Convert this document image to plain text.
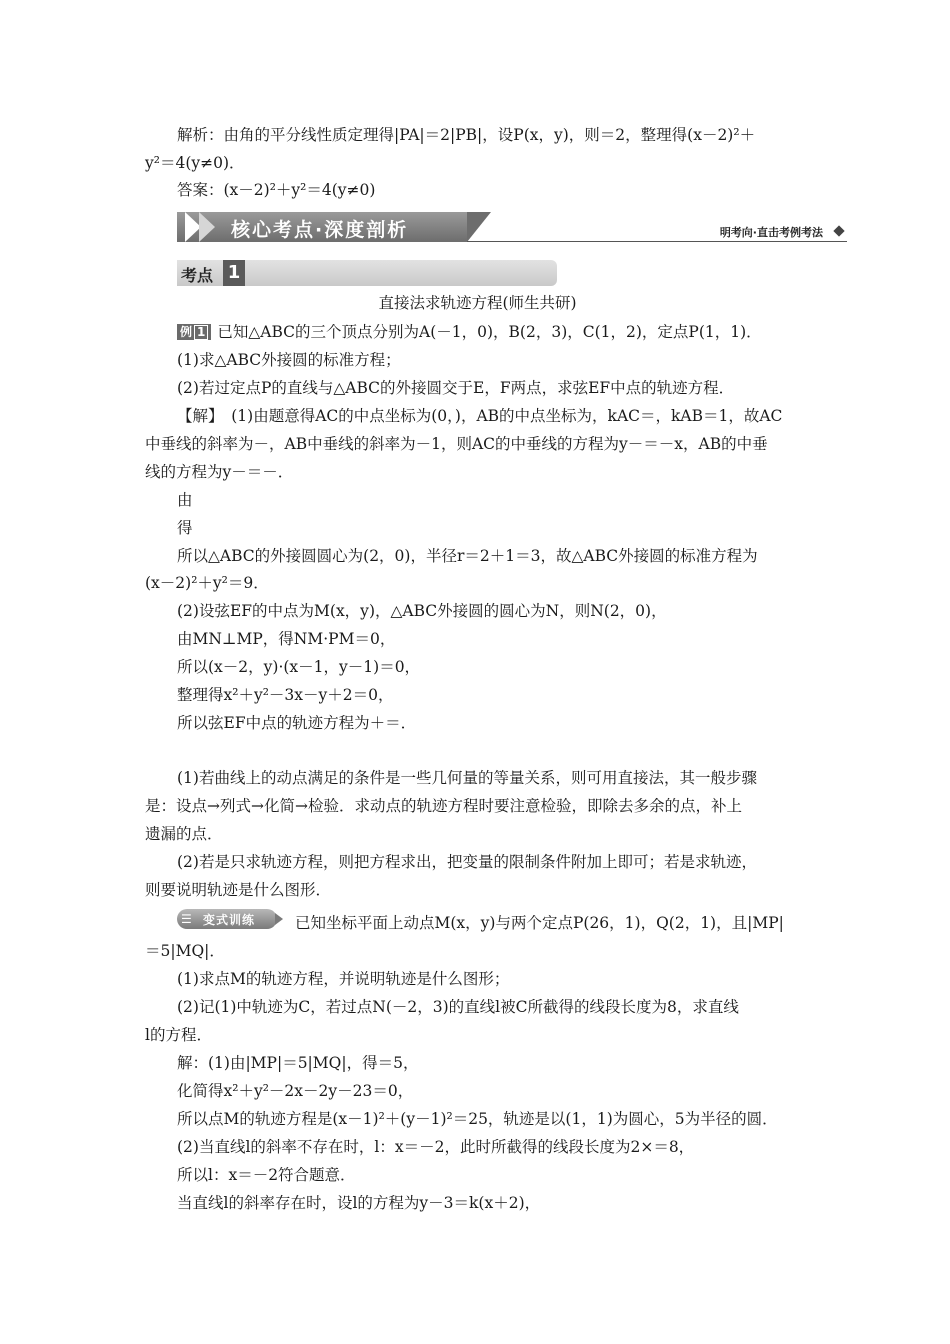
解析：由角的平分线性质定理得|PA|＝2|PB|，设P(x，y)，则＝2，整理得(x－2)²＋
y²＝4(y≠0)．
答案：(x－2)²＋y²＝4(y≠0)
核心考点·深度剖析	明考向·直击考例考法
考点 1
直接法求轨迹方程(师生共研)
例 1 已知△ABC的三个顶点分别为A(－1，0)，B(2，3)，C(1，2)，定点P(1，1)．
(1)求△ABC外接圆的标准方程；
(2)若过定点P的直线与△ABC的外接圆交于E，F两点，求弦EF中点的轨迹方程．
【解】　(1)由题意得AC的中点坐标为(0，)，AB的中点坐标为，kAC＝，kAB＝1，故AC
中垂线的斜率为－，AB中垂线的斜率为－1，则AC的中垂线的方程为y－＝－x，AB的中垂
线的方程为y－＝－．
由
得
所以△ABC的外接圆圆心为(2，0)，半径r＝2＋1＝3，故△ABC外接圆的标准方程为
(x－2)²＋y²＝9．
(2)设弦EF的中点为M(x，y)，△ABC外接圆的圆心为N，则N(2，0)，
由MN⊥MP，得NM·PM＝0，
所以(x－2，y)·(x－1，y－1)＝0，
整理得x²＋y²－3x－y＋2＝0，
所以弦EF中点的轨迹方程为＋＝．
(1)若曲线上的动点满足的条件是一些几何量的等量关系，则可用直接法，其一般步骤
是：设点→列式→化简→检验．求动点的轨迹方程时要注意检验，即除去多余的点，补上
遗漏的点．
(2)若是只求轨迹方程，则把方程求出，把变量的限制条件附加上即可；若是求轨迹，
则要说明轨迹是什么图形．
☰ 变式训练	已知坐标平面上动点M(x，y)与两个定点P(26，1)，Q(2，1)，且|MP|
＝5|MQ|．
(1)求点M的轨迹方程，并说明轨迹是什么图形；
(2)记(1)中轨迹为C，若过点N(－2，3)的直线l被C所截得的线段长度为8，求直线
l的方程．
解：(1)由|MP|＝5|MQ|，得＝5，
化简得x²＋y²－2x－2y－23＝0，
所以点M的轨迹方程是(x－1)²＋(y－1)²＝25，轨迹是以(1，1)为圆心，5为半径的圆．
(2)当直线l的斜率不存在时，l：x＝－2，此时所截得的线段长度为2×＝8，
所以l：x＝－2符合题意．
当直线l的斜率存在时，设l的方程为y－3＝k(x＋2)，
